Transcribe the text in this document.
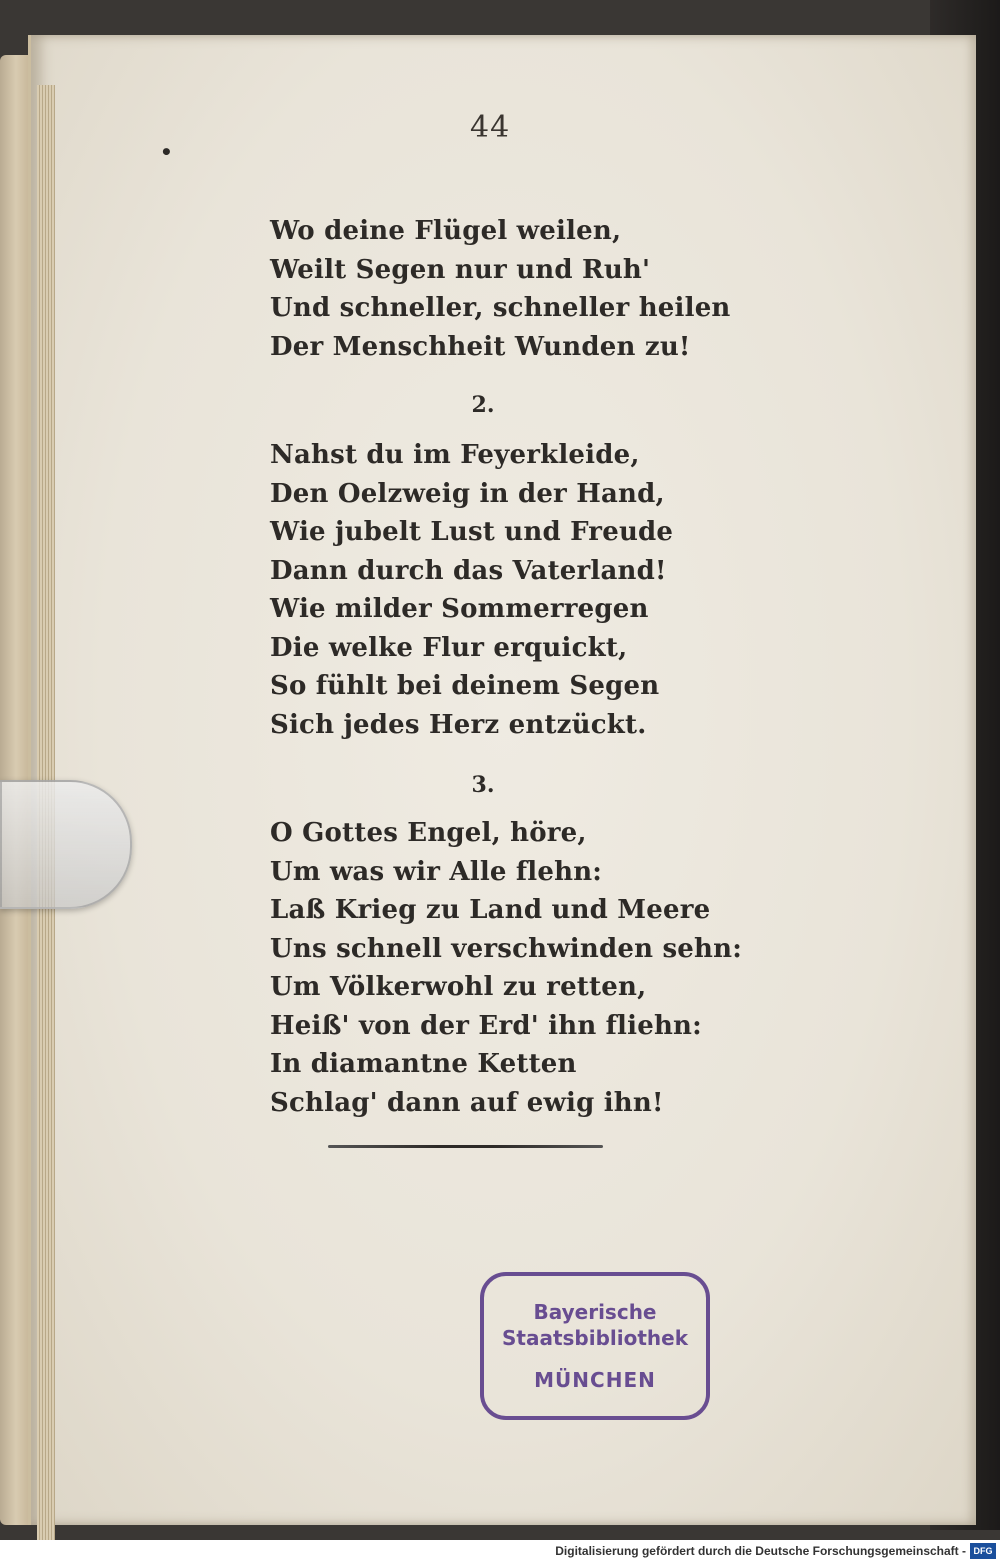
•
44
Wo deine Flügel weilen,
Weilt Segen nur und Ruh'
Und schneller, schneller heilen
Der Menschheit Wunden zu!
2.
Nahst du im Feyerkleide,
Den Oelzweig in der Hand,
Wie jubelt Lust und Freude
Dann durch das Vaterland!
Wie milder Sommerregen
Die welke Flur erquickt,
So fühlt bei deinem Segen
Sich jedes Herz entzückt.
3.
O Gottes Engel, höre,
Um was wir Alle flehn:
Laß Krieg zu Land und Meere
Uns schnell verschwinden sehn:
Um Völkerwohl zu retten,
Heiß' von der Erd' ihn fliehn:
In diamantne Ketten
Schlag' dann auf ewig ihn!
Bayerische
Staatsbibliothek
MÜNCHEN
Digitalisierung gefördert durch die Deutsche Forschungsgemeinschaft - DFG
